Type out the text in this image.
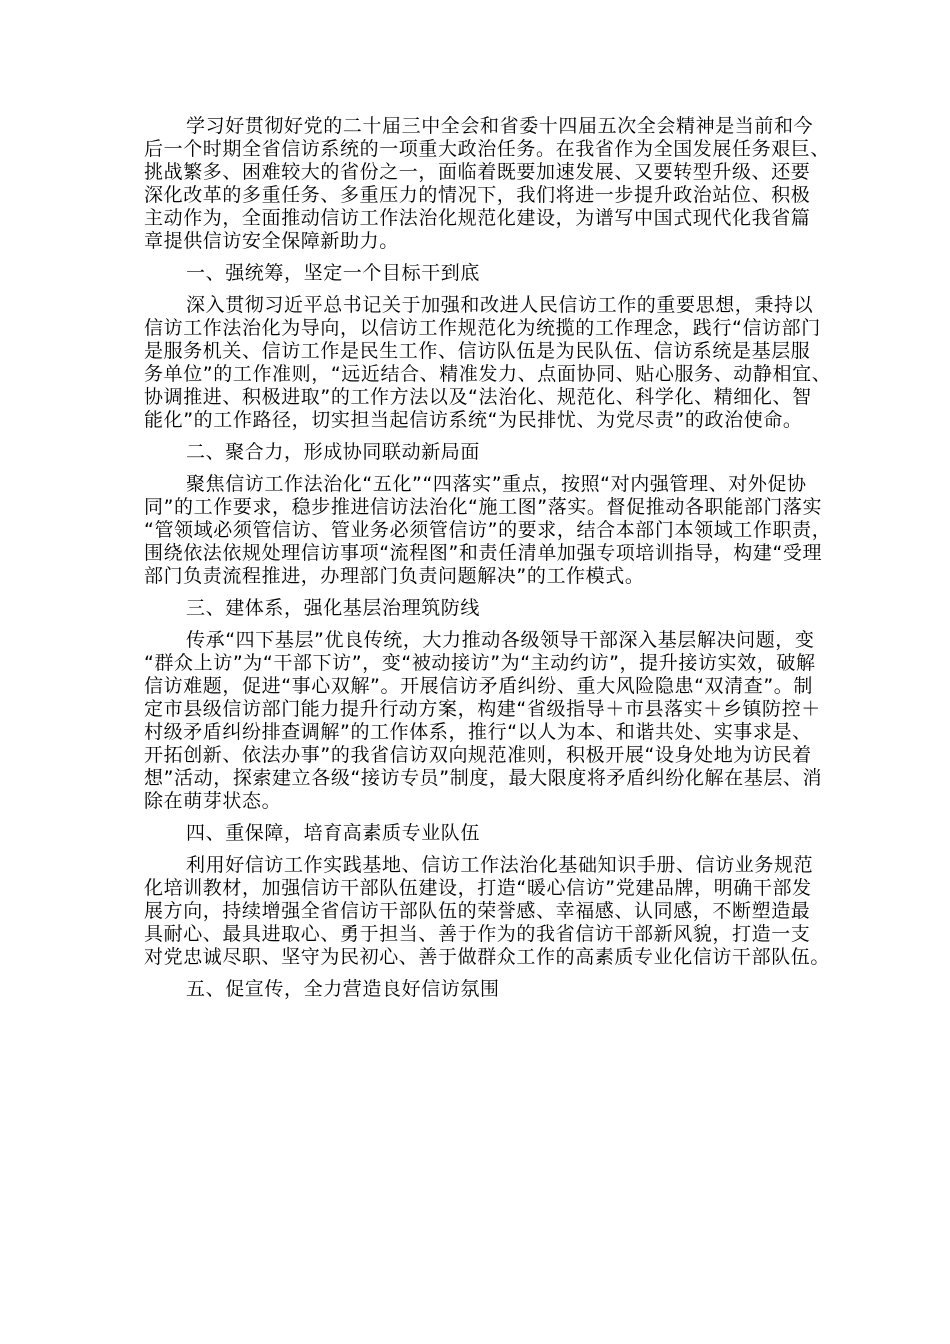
学习好贯彻好党的二十届三中全会和省委十四届五次全会精神是当前和今
后一个时期全省信访系统的一项重大政治任务。在我省作为全国发展任务艰巨、
挑战繁多、困难较大的省份之一，面临着既要加速发展、又要转型升级、还要
深化改革的多重任务、多重压力的情况下，我们将进一步提升政治站位、积极
主动作为，全面推动信访工作法治化规范化建设，为谱写中国式现代化我省篇
章提供信访安全保障新助力。
一、强统筹，坚定一个目标干到底
深入贯彻习近平总书记关于加强和改进人民信访工作的重要思想，秉持以
信访工作法治化为导向，以信访工作规范化为统揽的工作理念，践行“信访部门
是服务机关、信访工作是民生工作、信访队伍是为民队伍、信访系统是基层服
务单位”的工作准则，“远近结合、精准发力、点面协同、贴心服务、动静相宜、
协调推进、积极进取”的工作方法以及“法治化、规范化、科学化、精细化、智
能化”的工作路径，切实担当起信访系统“为民排忧、为党尽责”的政治使命。
二、聚合力，形成协同联动新局面
聚焦信访工作法治化“五化”“四落实”重点，按照“对内强管理、对外促协
同”的工作要求，稳步推进信访法治化“施工图”落实。督促推动各职能部门落实
“管领域必须管信访、管业务必须管信访”的要求，结合本部门本领域工作职责，
围绕依法依规处理信访事项“流程图”和责任清单加强专项培训指导，构建“受理
部门负责流程推进，办理部门负责问题解决”的工作模式。
三、建体系，强化基层治理筑防线
传承“四下基层”优良传统，大力推动各级领导干部深入基层解决问题，变
“群众上访”为“干部下访”，变“被动接访”为“主动约访”，提升接访实效，破解
信访难题，促进“事心双解”。开展信访矛盾纠纷、重大风险隐患“双清查”。制
定市县级信访部门能力提升行动方案，构建“省级指导＋市县落实＋乡镇防控＋
村级矛盾纠纷排查调解”的工作体系，推行“以人为本、和谐共处、实事求是、
开拓创新、依法办事”的我省信访双向规范准则，积极开展“设身处地为访民着
想”活动，探索建立各级“接访专员”制度，最大限度将矛盾纠纷化解在基层、消
除在萌芽状态。
四、重保障，培育高素质专业队伍
利用好信访工作实践基地、信访工作法治化基础知识手册、信访业务规范
化培训教材，加强信访干部队伍建设，打造“暖心信访”党建品牌，明确干部发
展方向，持续增强全省信访干部队伍的荣誉感、幸福感、认同感，不断塑造最
具耐心、最具进取心、勇于担当、善于作为的我省信访干部新风貌，打造一支
对党忠诚尽职、坚守为民初心、善于做群众工作的高素质专业化信访干部队伍。
五、促宣传，全力营造良好信访氛围
